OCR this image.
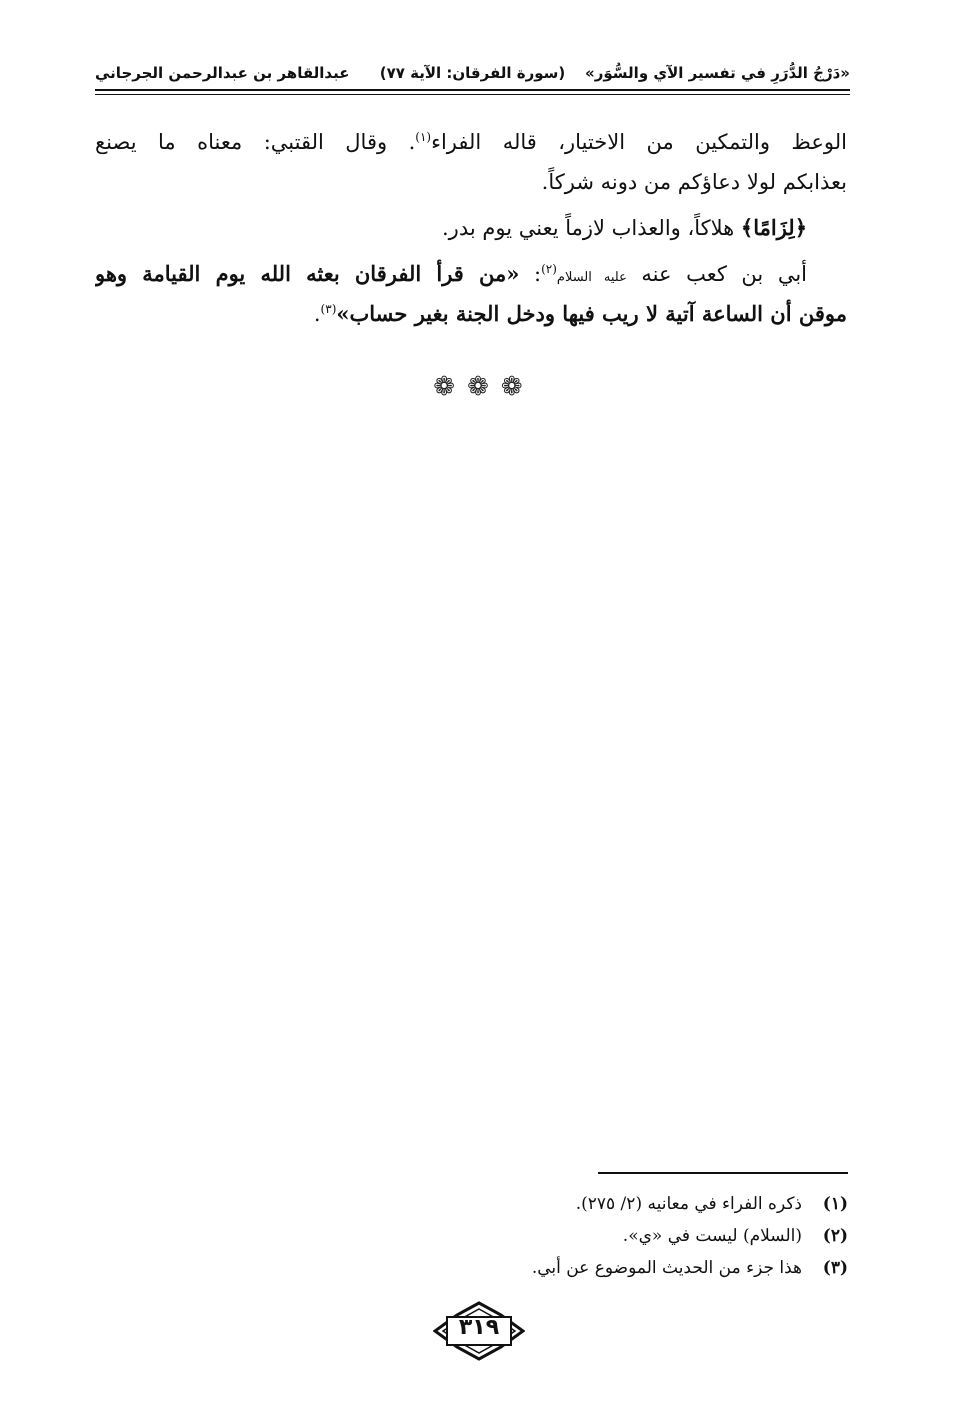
«دَرْجُ الدُّرَرِ في تفسير الآي والسُّوَر»
(سورة الفرقان: الآية ٧٧)
عبدالقاهر بن عبدالرحمن الجرجاني
الوعظ والتمكين من الاختيار، قاله الفراء$^{(١)}$. وقال القتبي: معناه ما يصنع
بعذابكم لولا دعاؤكم من دونه شركاً.
﴿لِزَامًا﴾ هلاكاً، والعذاب لازماً يعني يوم بدر.
أبي بن كعب عنه عليه السلام$^{(٢)}$: «من قرأ الفرقان بعثه الله يوم القيامة وهو
موقن أن الساعة آتية لا ريب فيها ودخل الجنة بغير حساب»$^{(٣)}$.
❁❁❁
(١)ذكره الفراء في معانيه (٢/ ٢٧٥).
(٢)(السلام) ليست في «ي».
(٣)هذا جزء من الحديث الموضوع عن أبي.
٣١٩
